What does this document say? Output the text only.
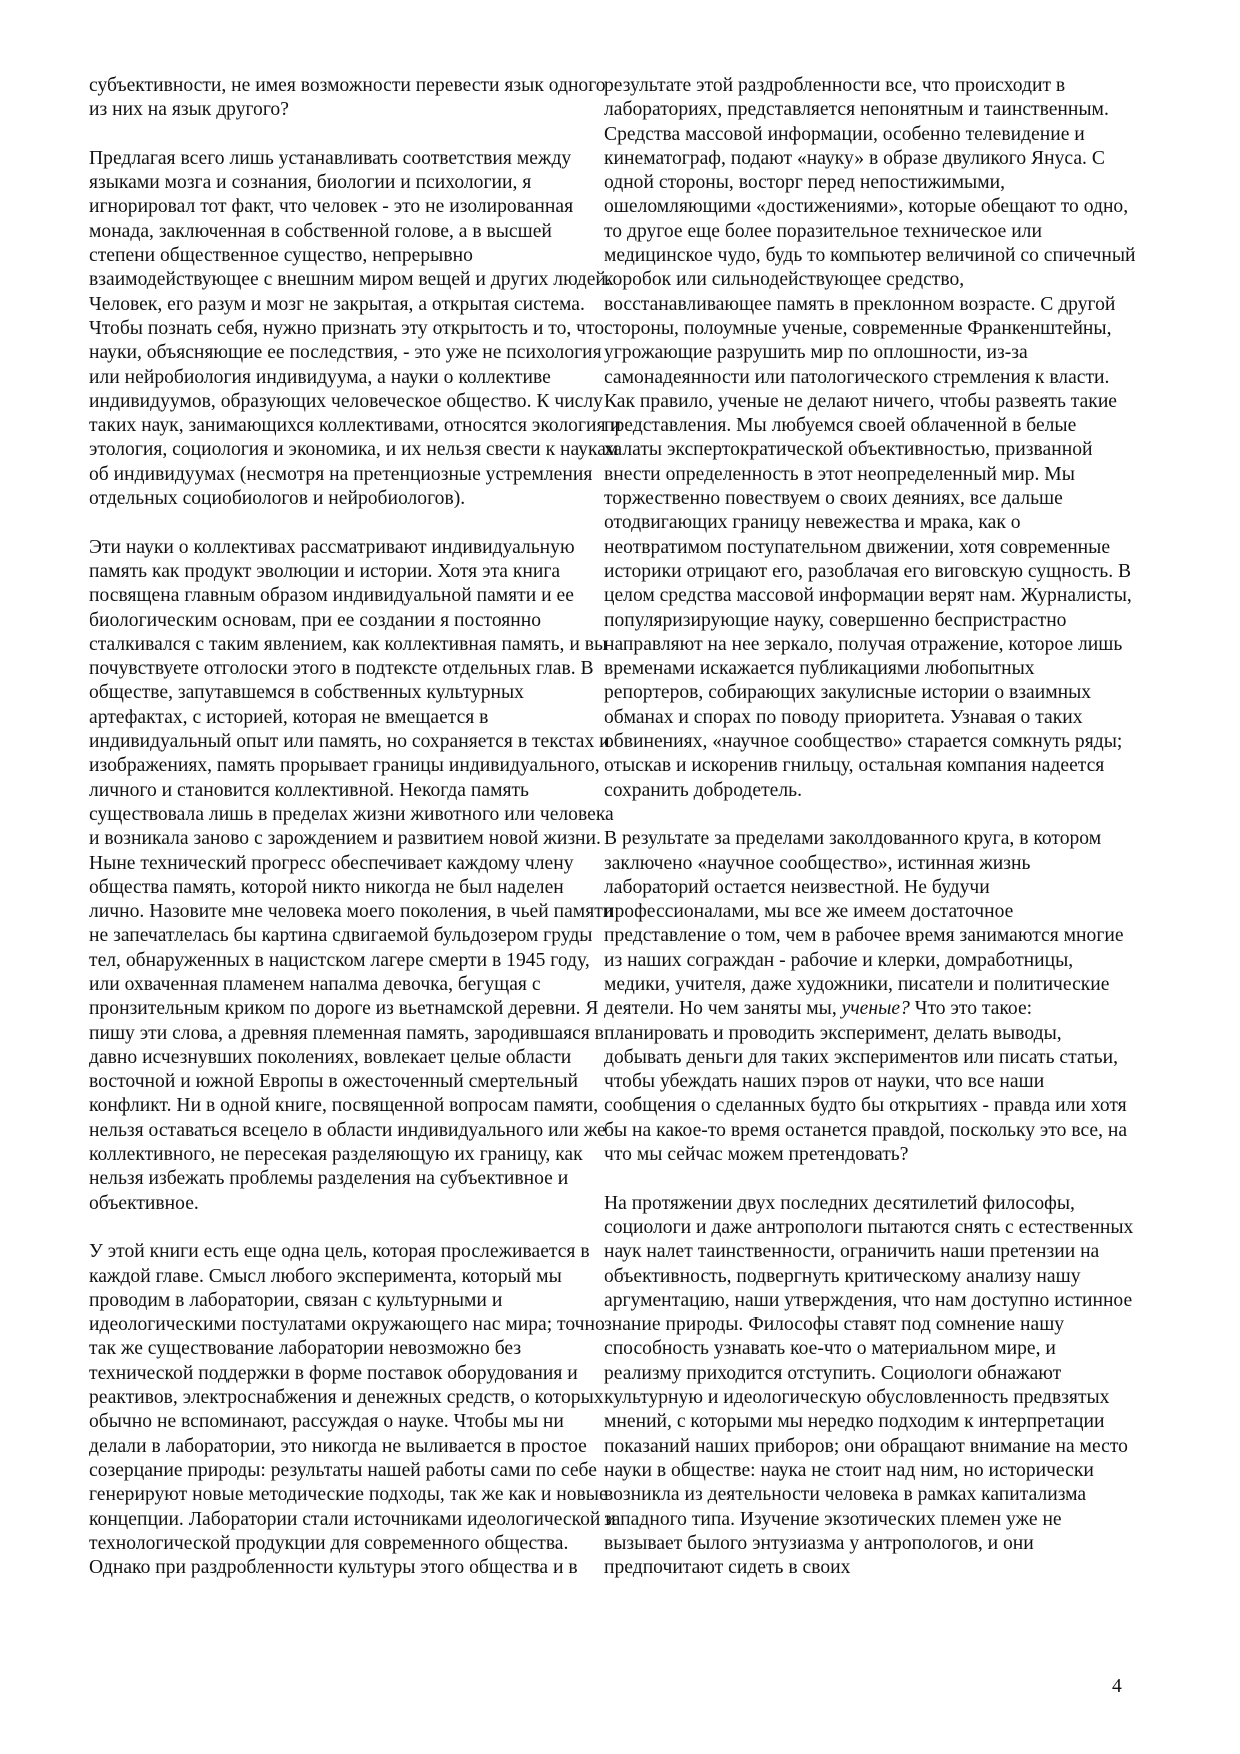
субъективности, не имея возможности перевести язык одного из них на язык другого?

Предлагая всего лишь устанавливать соответствия между языками мозга и сознания, биологии и психологии, я игнорировал тот факт, что человек - это не изолированная монада, заключенная в собственной голове, а в высшей степени общественное существо, непрерывно взаимодействующее с внешним миром вещей и других людей. Человек, его разум и мозг не закрытая, а открытая система. Чтобы познать себя, нужно признать эту открытость и то, что науки, объясняющие ее последствия, - это уже не психология или нейробиология индивидуума, а науки о коллективе индивидуумов, образующих человеческое общество. К числу таких наук, занимающихся коллективами, относятся экология и этология, социология и экономика, и их нельзя свести к наукам об индивидуумах (несмотря на претенциозные устремления отдельных социобиологов и нейробиологов).

Эти науки о коллективах рассматривают индивидуальную память как продукт эволюции и истории. Хотя эта книга посвящена главным образом индивидуальной памяти и ее биологическим основам, при ее создании я постоянно сталкивался с таким явлением, как коллективная память, и вы почувствуете отголоски этого в подтексте отдельных глав. В обществе, запутавшемся в собственных культурных артефактах, с историей, которая не вмещается в индивидуальный опыт или память, но сохраняется в текстах и изображениях, память прорывает границы индивидуального, личного и становится коллективной. Некогда память существовала лишь в пределах жизни животного или человека и возникала заново с зарождением и развитием новой жизни. Ныне технический прогресс обеспечивает каждому члену общества память, которой никто никогда не был наделен лично. Назовите мне человека моего поколения, в чьей памяти не запечатлелась бы картина сдвигаемой бульдозером груды тел, обнаруженных в нацистском лагере смерти в 1945 году, или охваченная пламенем напалма девочка, бегущая с пронзительным криком по дороге из вьетнамской деревни. Я пишу эти слова, а древняя племенная память, зародившаяся в давно исчезнувших поколениях, вовлекает целые области восточной и южной Европы в ожесточенный смертельный конфликт. Ни в одной книге, посвященной вопросам памяти, нельзя оставаться всецело в области индивидуального или же коллективного, не пересекая разделяющую их границу, как нельзя избежать проблемы разделения на субъективное и объективное.

У этой книги есть еще одна цель, которая прослеживается в каждой главе. Смысл любого эксперимента, который мы проводим в лаборатории, связан с культурными и идеологическими постулатами окружающего нас мира; точно так же существование лаборатории невозможно без технической поддержки в форме поставок оборудования и реактивов, электроснабжения и денежных средств, о которых обычно не вспоминают, рассуждая о науке. Чтобы мы ни делали в лаборатории, это никогда не выливается в простое созерцание природы: результаты нашей работы сами по себе генерируют новые методические подходы, так же как и новые концепции. Лаборатории стали источниками идеологической и технологической продукции для современного общества. Однако при раздробленности культуры этого общества и в

результате этой раздробленности все, что происходит в лабораториях, представляется непонятным и таинственным. Средства массовой информации, особенно телевидение и кинематограф, подают «науку» в образе двуликого Януса. С одной стороны, восторг перед непостижимыми, ошеломляющими «достижениями», которые обещают то одно, то другое еще более поразительное техническое или медицинское чудо, будь то компьютер величиной со спичечный коробок или сильнодействующее средство, восстанавливающее память в преклонном возрасте. С другой стороны, полоумные ученые, современные Франкенштейны, угрожающие разрушить мир по оплошности, из-за самонадеянности или патологического стремления к власти. Как правило, ученые не делают ничего, чтобы развеять такие представления. Мы любуемся своей облаченной в белые халаты экспертократической объективностью, призванной внести определенность в этот неопределенный мир. Мы торжественно повествуем о своих деяниях, все дальше отодвигающих границу невежества и мрака, как о неотвратимом поступательном движении, хотя современные историки отрицают его, разоблачая его виговскую сущность. В целом средства массовой информации верят нам. Журналисты, популяризирующие науку, совершенно беспристрастно направляют на нее зеркало, получая отражение, которое лишь временами искажается публикациями любопытных репортеров, собирающих закулисные истории о взаимных обманах и спорах по поводу приоритета. Узнавая о таких обвинениях, «научное сообщество» старается сомкнуть ряды; отыскав и искоренив гнильцу, остальная компания надеется сохранить добродетель.

В результате за пределами заколдованного круга, в котором заключено «научное сообщество», истинная жизнь лабораторий остается неизвестной. Не будучи профессионалами, мы все же имеем достаточное представление о том, чем в рабочее время занимаются многие из наших сограждан - рабочие и клерки, домработницы, медики, учителя, даже художники, писатели и политические деятели. Но чем заняты мы, ученые? Что это такое: планировать и проводить эксперимент, делать выводы, добывать деньги для таких экспериментов или писать статьи, чтобы убеждать наших пэров от науки, что все наши сообщения о сделанных будто бы открытиях - правда или хотя бы на какое-то время останется правдой, поскольку это все, на что мы сейчас можем претендовать?

На протяжении двух последних десятилетий философы, социологи и даже антропологи пытаются снять с естественных наук налет таинственности, ограничить наши претензии на объективность, подвергнуть критическому анализу нашу аргументацию, наши утверждения, что нам доступно истинное знание природы. Философы ставят под сомнение нашу способность узнавать кое-что о материальном мире, и реализму приходится отступить. Социологи обнажают культурную и идеологическую обусловленность предвзятых мнений, с которыми мы нередко подходим к интерпретации показаний наших приборов; они обращают внимание на место науки в обществе: наука не стоит над ним, но исторически возникла из деятельности человека в рамках капитализма западного типа. Изучение экзотических племен уже не вызывает былого энтузиазма у антропологов, и они предпочитают сидеть в своих

4
